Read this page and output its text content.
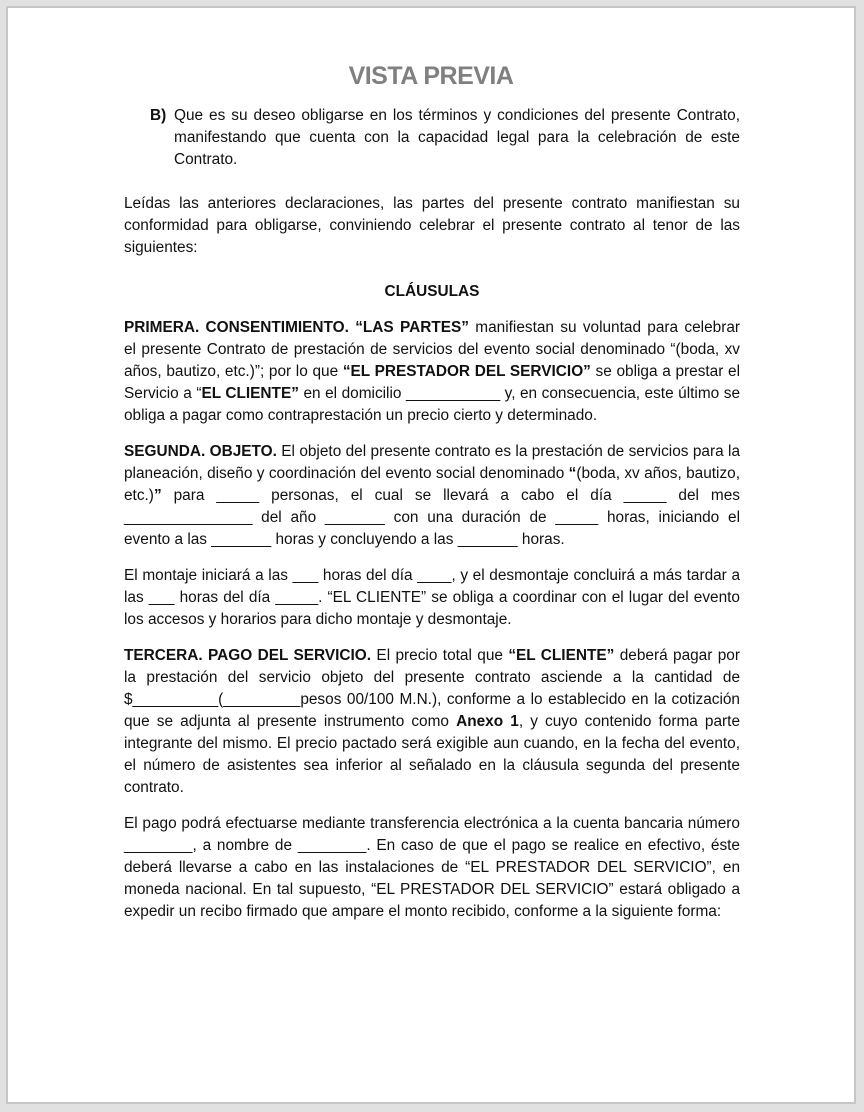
VISTA PREVIA
B) Que es su deseo obligarse en los términos y condiciones del presente Contrato, manifestando que cuenta con la capacidad legal para la celebración de este Contrato.

Leídas las anteriores declaraciones, las partes del presente contrato manifiestan su conformidad para obligarse, conviniendo celebrar el presente contrato al tenor de las siguientes:

CLÁUSULAS

PRIMERA. CONSENTIMIENTO. “LAS PARTES” manifiestan su voluntad para celebrar el presente Contrato de prestación de servicios del evento social denominado “(boda, xv años, bautizo, etc.)”; por lo que “EL PRESTADOR DEL SERVICIO” se obliga a prestar el Servicio a “EL CLIENTE” en el domicilio ___________ y, en consecuencia, este último se obliga a pagar como contraprestación un precio cierto y determinado.

SEGUNDA. OBJETO. El objeto del presente contrato es la prestación de servicios para la planeación, diseño y coordinación del evento social denominado “(boda, xv años, bautizo, etc.)” para _____ personas, el cual se llevará a cabo el día _____ del mes _______________ del año _______ con una duración de _____ horas, iniciando el evento a las _______ horas y concluyendo a las _______ horas.

El montaje iniciará a las ___ horas del día ____, y el desmontaje concluirá a más tardar a las ___ horas del día _____. “EL CLIENTE” se obliga a coordinar con el lugar del evento los accesos y horarios para dicho montaje y desmontaje.

TERCERA. PAGO DEL SERVICIO. El precio total que “EL CLIENTE” deberá pagar por la prestación del servicio objeto del presente contrato asciende a la cantidad de $__________(_________pesos 00/100 M.N.), conforme a lo establecido en la cotización que se adjunta al presente instrumento como Anexo 1, y cuyo contenido forma parte integrante del mismo. El precio pactado será exigible aun cuando, en la fecha del evento, el número de asistentes sea inferior al señalado en la cláusula segunda del presente contrato.

El pago podrá efectuarse mediante transferencia electrónica a la cuenta bancaria número ________, a nombre de ________. En caso de que el pago se realice en efectivo, éste deberá llevarse a cabo en las instalaciones de “EL PRESTADOR DEL SERVICIO”, en moneda nacional. En tal supuesto, “EL PRESTADOR DEL SERVICIO” estará obligado a expedir un recibo firmado que ampare el monto recibido, conforme a la siguiente forma:
